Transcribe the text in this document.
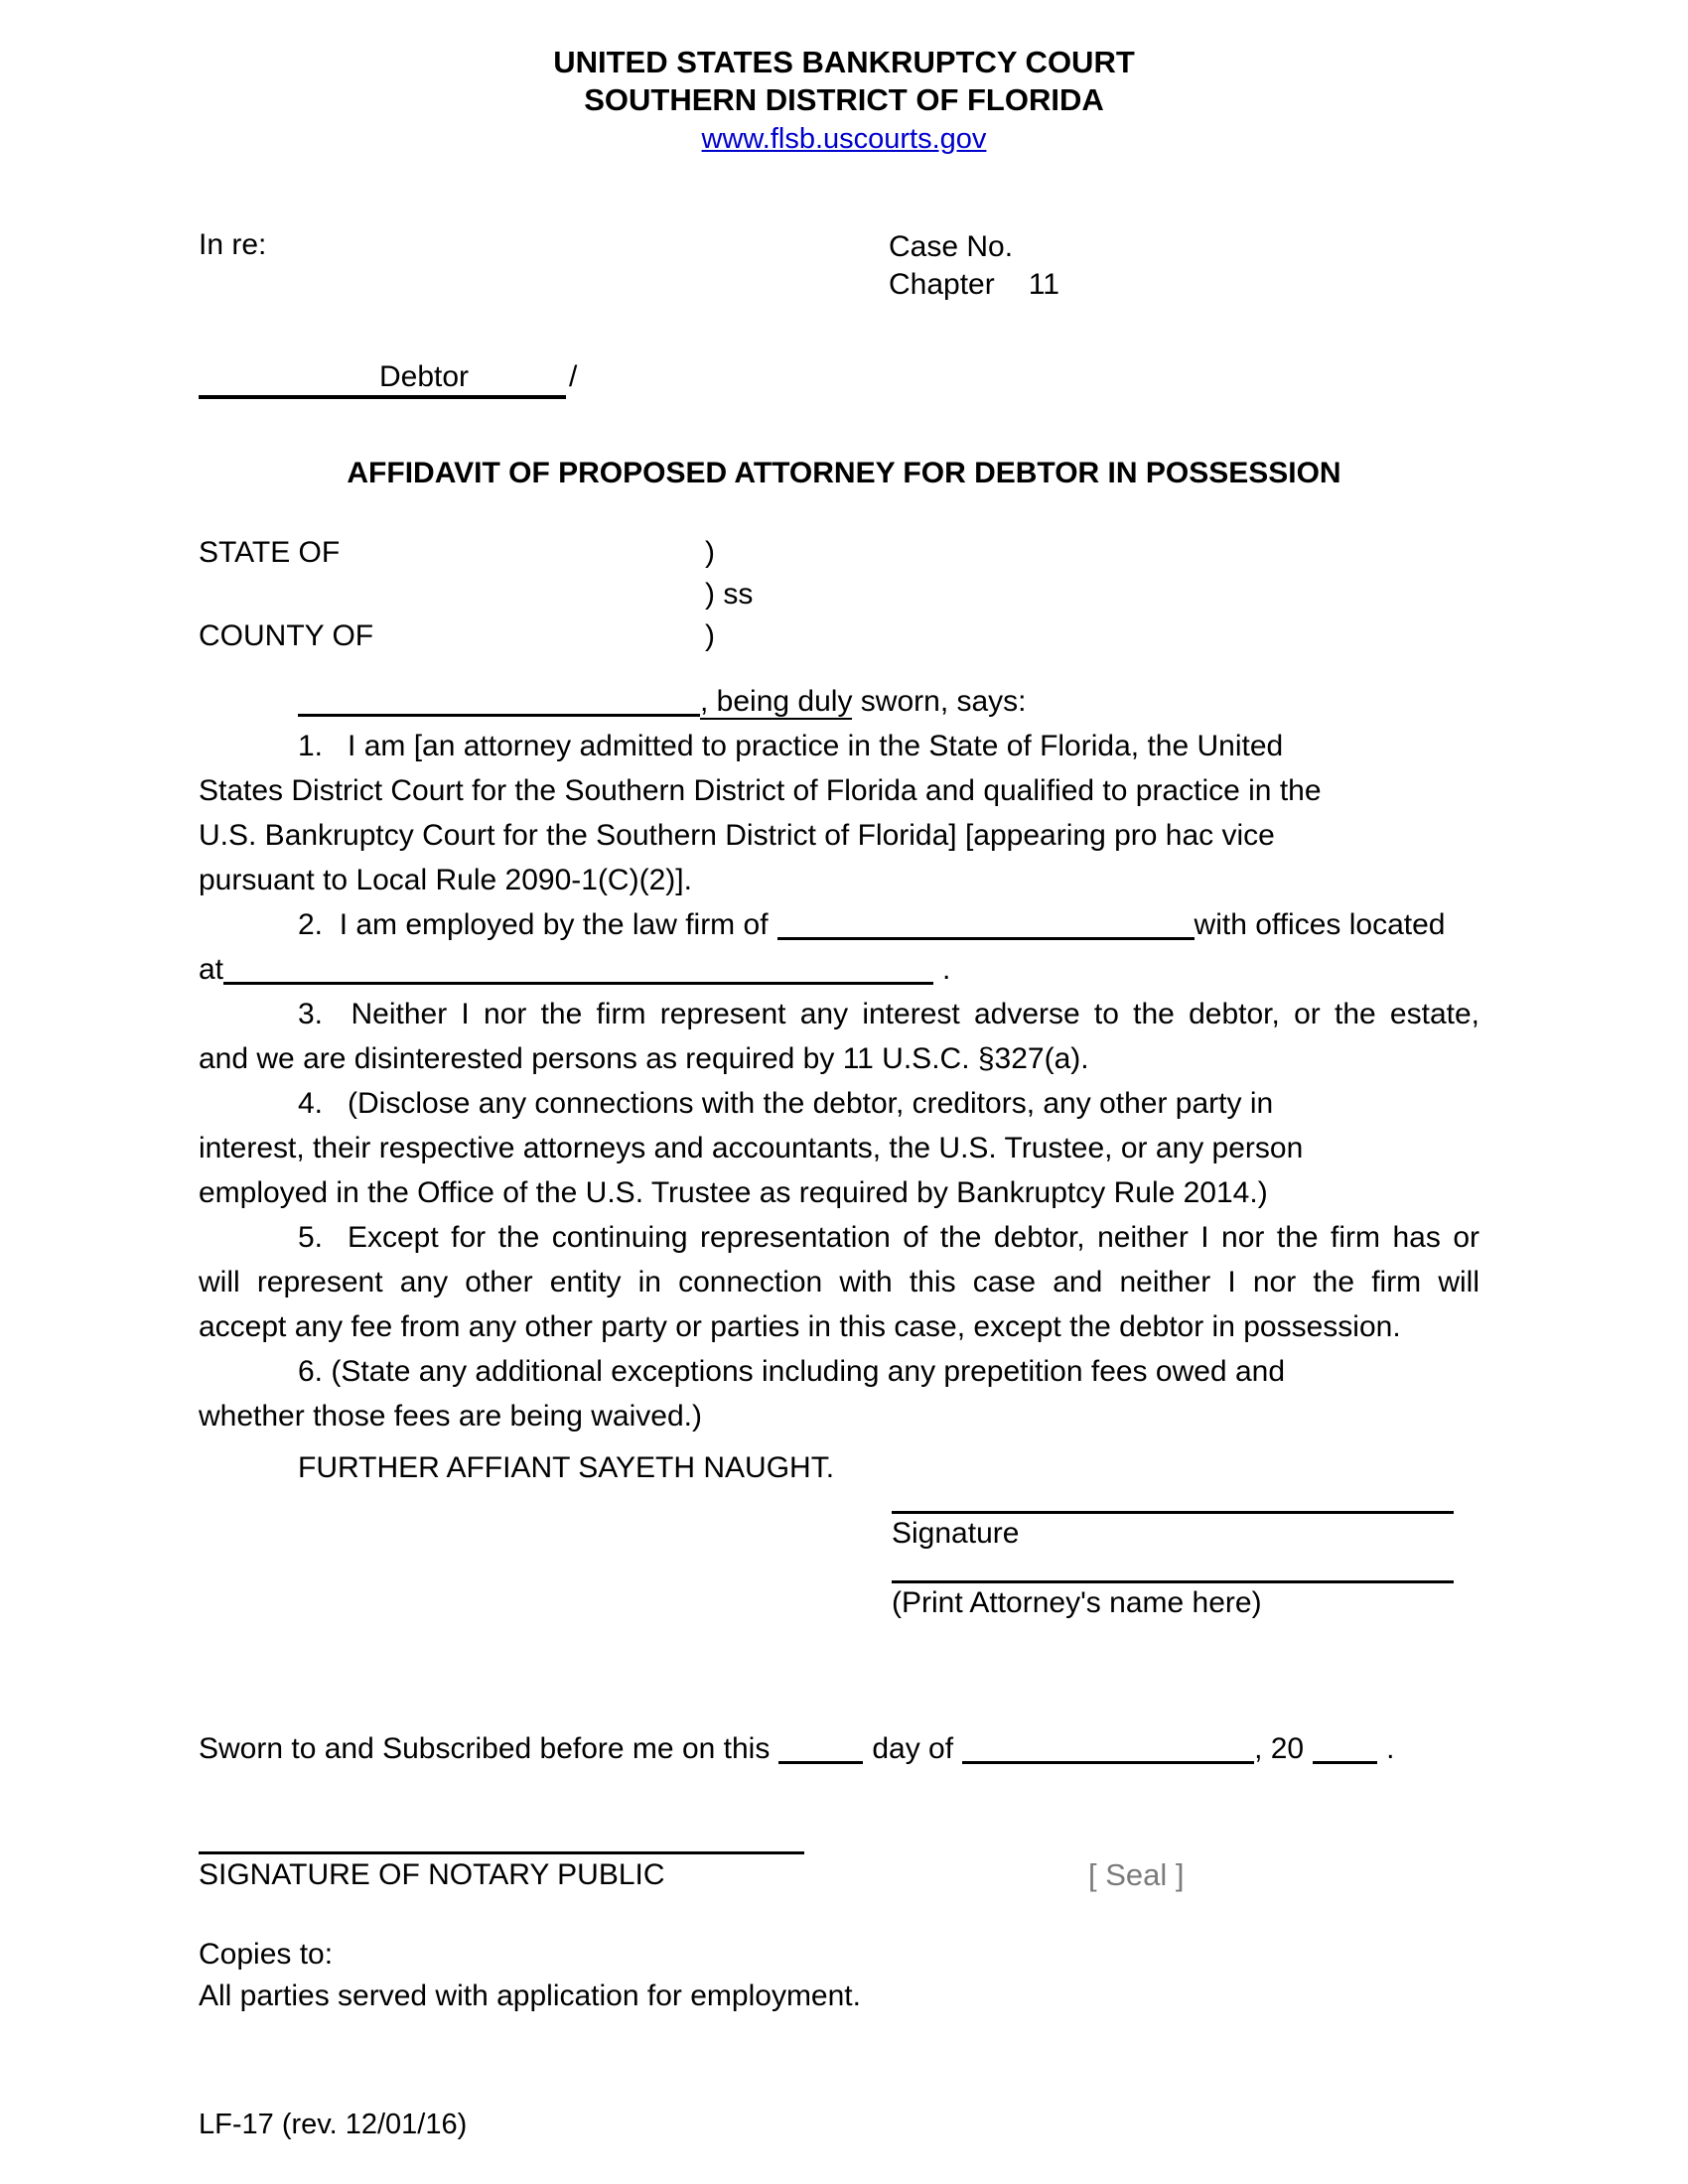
UNITED STATES BANKRUPTCY COURT
SOUTHERN DISTRICT OF FLORIDA
www.flsb.uscourts.gov
In re:	Case No.
Chapter 11
Debtor	/
AFFIDAVIT OF PROPOSED ATTORNEY FOR DEBTOR IN POSSESSION
STATE OF	)
) ss
COUNTY OF	)
, being duly sworn, says:
1.   I am [an attorney admitted to practice in the State of Florida, the United
States District Court for the Southern District of Florida and qualified to practice in the
U.S. Bankruptcy Court for the Southern District of Florida] [appearing pro hac vice
pursuant to Local Rule 2090-1(C)(2)].
2.  I am employed by the law firm of	with offices located
at	.
3.  Neither I nor the firm represent any interest adverse to the debtor, or the estate,
and we are disinterested persons as required by 11 U.S.C. §327(a).
4.   (Disclose any connections with the debtor, creditors, any other party in
interest, their respective attorneys and accountants, the U.S. Trustee, or any person
employed in the Office of the U.S. Trustee as required by Bankruptcy Rule 2014.)
5.  Except for the continuing representation of the debtor, neither I nor the firm has or
will represent any other entity in connection with this case and neither I nor the firm will
accept any fee from any other party or parties in this case, except the debtor in possession.
6. (State any additional exceptions including any prepetition fees owed and
whether those fees are being waived.)
FURTHER AFFIANT SAYETH NAUGHT.
Signature
(Print Attorney's name here)
Sworn to and Subscribed before me on this	day of	, 20	.
SIGNATURE OF NOTARY PUBLIC	[ Seal ]
Copies to:
All parties served with application for employment.
LF-17 (rev. 12/01/16)
